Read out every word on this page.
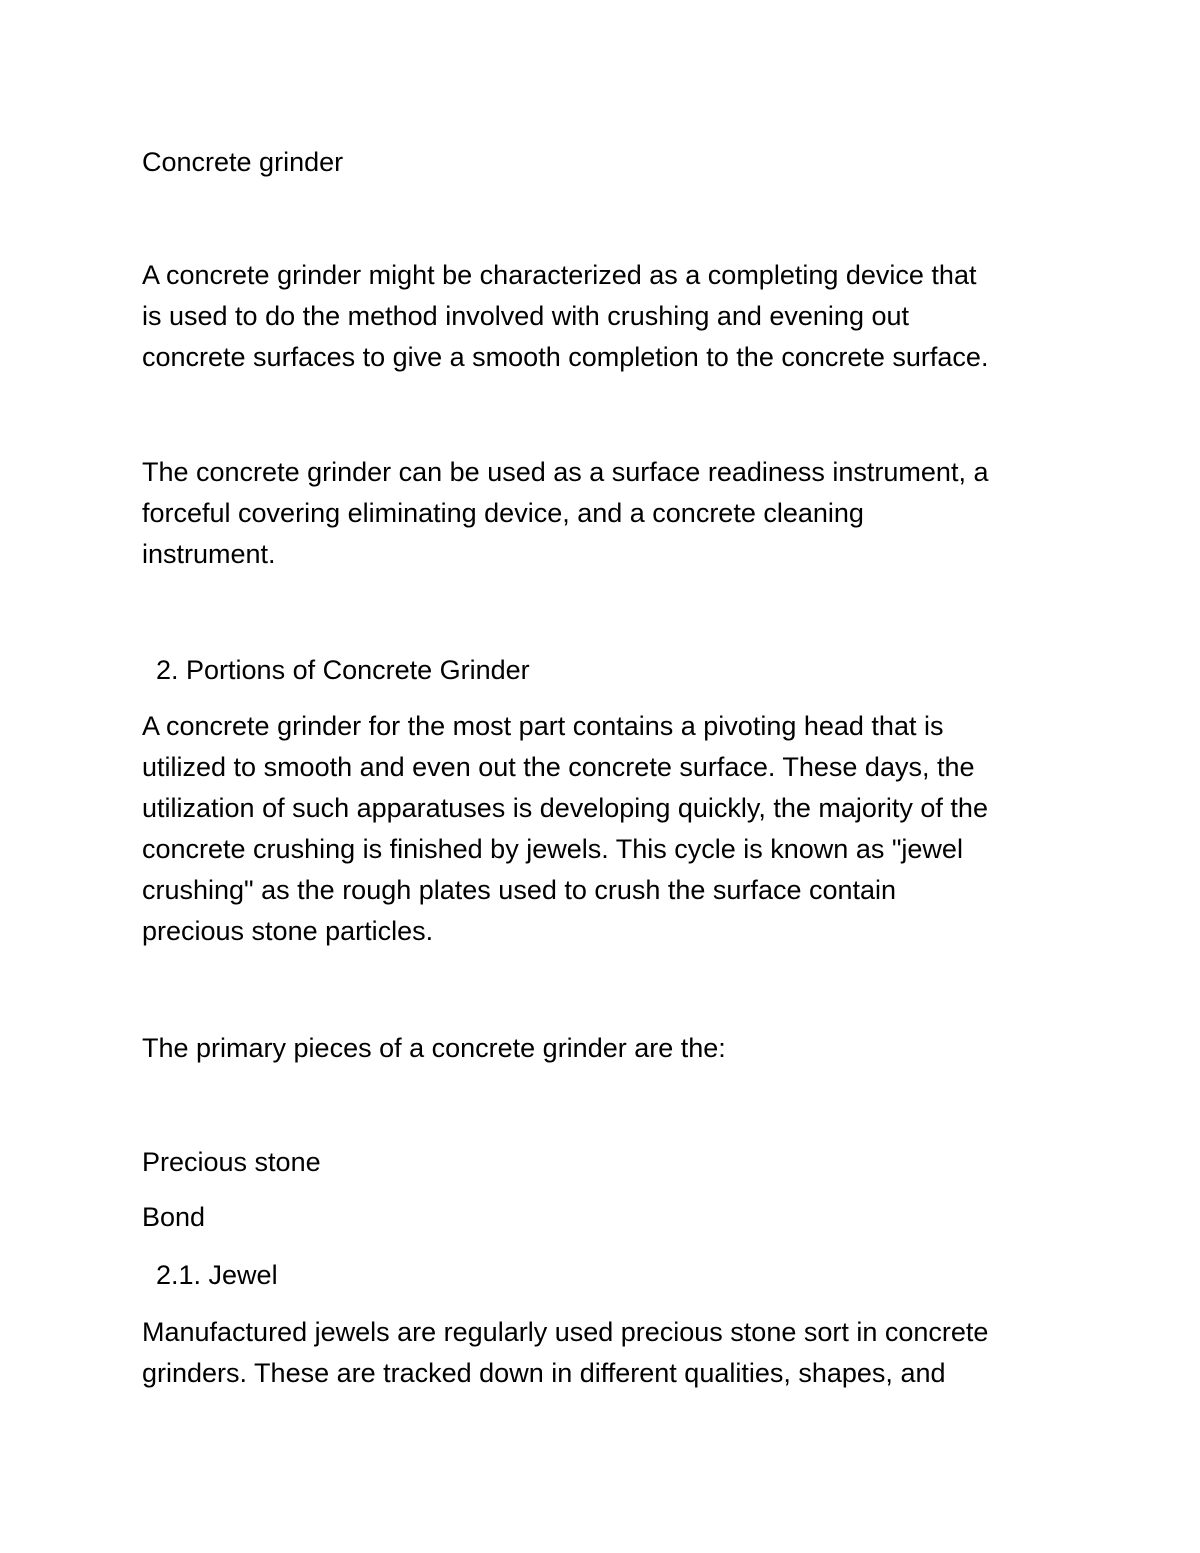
Concrete grinder

A concrete grinder might be characterized as a completing device that

is used to do the method involved with crushing and evening out

concrete surfaces to give a smooth completion to the concrete surface.

The concrete grinder can be used as a surface readiness instrument, a

forceful covering eliminating device, and a concrete cleaning

instrument.

2. Portions of Concrete Grinder

A concrete grinder for the most part contains a pivoting head that is

utilized to smooth and even out the concrete surface. These days, the

utilization of such apparatuses is developing quickly, the majority of the

concrete crushing is finished by jewels. This cycle is known as "jewel

crushing" as the rough plates used to crush the surface contain

precious stone particles.

The primary pieces of a concrete grinder are the:

Precious stone

Bond

2.1. Jewel

Manufactured jewels are regularly used precious stone sort in concrete

grinders. These are tracked down in different qualities, shapes, and
